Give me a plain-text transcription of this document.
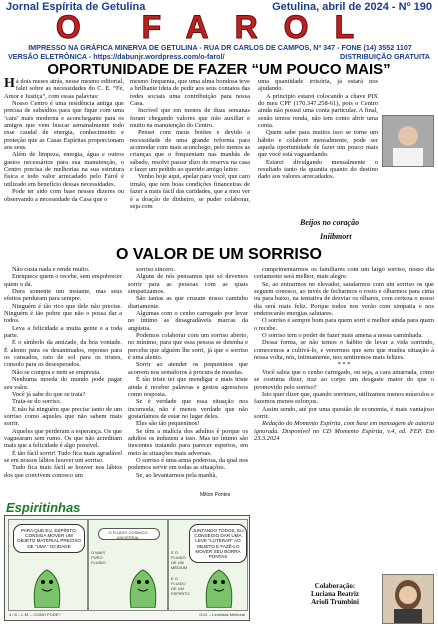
Jornal Espírita de Getulina	Getulina, abril de 2024 - Nº 190
O FAROL
IMPRESSO NA GRÁFICA MINERVA DE GETULINA - RUA DR CARLOS DE CAMPOS, Nº 347 - FONE (14) 3552 1107
VERSÃO ELETRÔNICA - https://dabunjr.wordpress.com/o-farol/	DISTRIBUIÇÃO GRATUITA
OPORTUNIDADE DE FAZER “UM POUCO MAIS”

Há dois meses atrás, nesse mesmo editorial, falei sobre as necessidades do C. E. “Fé, Amor e Justiça”, com essas palavras:

Nosso Centro é uma residência antiga que precisa de subsídios para que fique com uma ‘cara’ mais moderna e aconchegante para os amigos que vem buscar semanalmente todo esse caudal de energia, conhecimento e proteção que as Casas Espíritas proporcionam aos seus.

Além de limpeza, energia, água e outros gastos necessários para sua manutenção, o Centro precisa de melhorias na sua estrutura física e todo valor arrecadado pelo Farol é utilizado em benefício dessas necessidades.

Pode ter sido com base nesses dizeres ou observando a necessidade da Casa que o

mesmo frequenta, que uma alma bondosa teve a brilhante ideia de pedir aos seus contatos das redes sociais uma contribuição para nossa Casa.

Incrível que em menos de duas semanas foram chegando valores que irão auxiliar e muito na manutenção do Centro.

Pensei com meus botões e devido a necessidade de uma grande reforma para acomodar com mais aconchego, pelo menos as crianças que o frequentam nas manhãs de sábado, resolvi passar dízo de reserva na casa e fazer um pedido ao querido amigo leitor.

Venho hoje aqui, apelar para você, que caro irmão, que tem boas condições financeiras de fazer a mais fácil das caridades, que a meu ver é a doação de dinheiro, se puder colaborar, seja com

uma quantidade irrisória, já estará nos ajudando.

A principio estarei colocando a chave PIX do meu CPF (170.347.258-61), pois o Centro ainda não possui uma conta particular. A final, senão temos renda, não tem como abrir uma conta.

Quem sabe para muitos isso se torne um hábito e colabore mensalmente, pode ser aquela oportunidade de fazer um pouco mais que você está vaguardando.

Estarei divulgando mensalmente o resultado tanto da quantia quanto do destino dado aos valores arrecadados.

Beijos no coração
Iniibmort
O VALOR DE UM SORRISO

Não custa nada e rende muito.

Enriquece quem o recebe, sem empobrecer quem o dá.

Dura somente um instante, mas seus efeitos perduram para sempre.

Ninguém é tão rico que dele não precise. Ninguém é tão pobre que não o possa dar a todos.

Leva a felicidade a muita gente e a toda parte.

É o símbolo da amizade, da boa vontade. É alento para os desanimados, repouso para os cansados, raio de sol para os tristes, consolo para os desesperados.

Não se compra e nem se empresta.

Nenhuma moeda do mundo pode pagar seu valor.

Você já sabe do que se trata?

Trata-se do sorriso.

E não há ninguém que precise tanto de um sorriso como aqueles que não sabem mais sorrir.

Aqueles que perderam a esperança. Os que vaguearam sem rumo. Os que não acreditam mais que a felicidade é algo possível.

É tão fácil sorrir! Tudo fica mais agradável se em nossos lábios houver um sorriso.

Tudo fica mais fácil se houver nos lábios dos que convivem conosco um

sorriso sincero.

Alguns de nós pensamos que só devemos sorrir para as pessoas com as quais simpatizamos.

São tantas as que cruzam nosso caminho diariamente.

Algumas com o cenho carregado por levar no íntimo as desagradáveis marcas da angústia.

Podemos colaborar com um sorriso aberto, no mínimo, para que essa pessoa se detenha e perceba que alguém lhe sorri, já que o sorriso é uma alento.

Sorrir ao atender os pequeninos que acorrem nos semáforos à procura de moedas.

É tão triste ter que mendigar e mais triste ainda é receber palavras e gestos agressivos como resposta.

Se é verdade que essa situação nos incomoda, não é menos verdade que não gostaríamos de estar no lugar deles.

Eles são tão pequeninos!

Se têm a malícia dos adultos é porque os adultos os induzem a isso. Mas no íntimo são inocentes tratando para parecer espertos, em meio às situações mais adversas.

O sorriso é uma arma poderosa, da qual nos podemos servir em todas as situações.

Se, ao levantarmos pela manhã,

Milton Pontes

cumprimentarmos os familiares com um largo sorriso, nosso dia certamente será melhor, mais alegre.

Se, ao entrarmos no elevador, saudarmos com um sorriso os que seguem conosco, ao invés de fecharmos o rosto e olharmos para cima ou para baixo, na tentativa de desviar os olhares, com certeza o nosso dia será mais feliz. Porque todos nos verão com simpatia e nos enderecarão energias salutares.

O sorriso é sempre bom para quem sorri e melhor ainda para quem o recebe.

O sorriso tem o poder de fazer mais amena a nossa caminhada.

Dessa forma, se não temos o hábito de levar a vida sorrindo, comecemos a cultivá-lo, e verermos que sem que mudea situação à nossa volta, nós, intimamente, nos sentiremos mais felizes.

* * *

Você sabia que o cenho carregado, ou seja, a cara amarrada, como se costuma dizer, traz ao corpo um desgaste maior do que o promovido pelo sorriso?

Isto quer dizer que, quando sorrimos, utilizamos menos músculos e fazemos menos esforços.

Assim sendo, até por uma questão de economia, é mais vantajoso sorrir.

Redação do Momento Espírita, com base em mensagem de autoria ignorada. Disponível no CD Momento Espírita, v.4, ed. FEP. Em 23.3.2024

Colaboração:
Luciana Beatriz
Arioli Trumbini
Espiritinhas
PARA QUE EU, ESPÍRITO, CONSIGA MOVER UM OBJETO MATERIAL PRECISO DE "UMA" OCIDADE
O FLUIDO CÓSMICO UNIVERSAL
O MAIS PURO FLUIDO
JUNTANDO TODOS, EU CONSEGIO DAR UMA LEVE "LUTERAR" AO OBJETO E FAZÊ-LO MOVER SEU BORRA PONTAS
E O FLUIDO DE UM MÉDIUM
E O FLUIDO DE UM ESPIRITO
4 / 8 – L.M. – COMO PODE?	G.M. – Leonidas Melhorai
